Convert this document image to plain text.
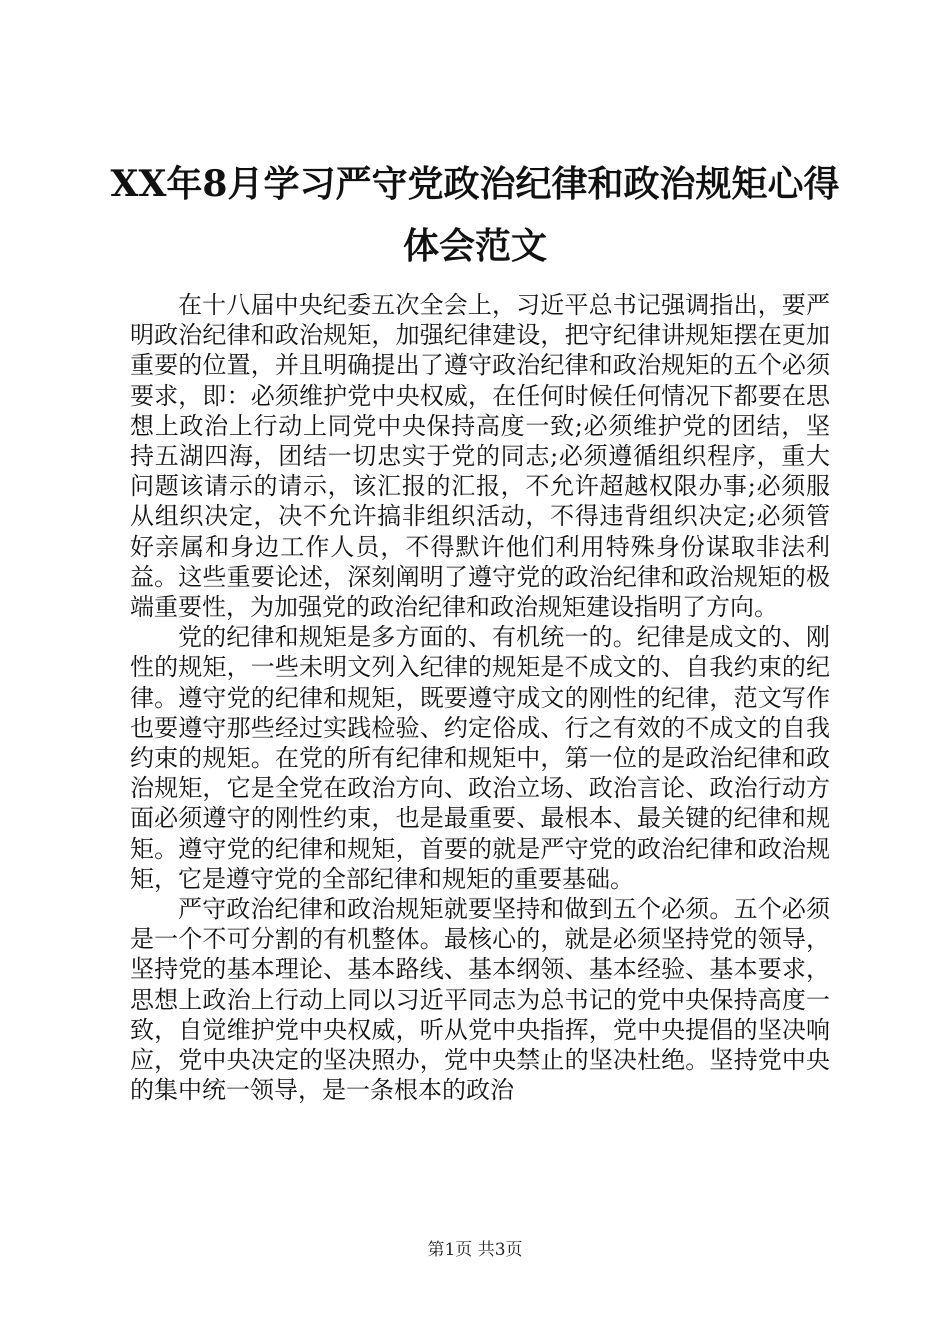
XX年8月学习严守党政治纪律和政治规矩心得
体会范文

在十八届中央纪委五次全会上，习近平总书记强调指出，要严明政治纪律和政治规矩，加强纪律建设，把守纪律讲规矩摆在更加重要的位置，并且明确提出了遵守政治纪律和政治规矩的五个必须要求，即：必须维护党中央权威，在任何时候任何情况下都要在思想上政治上行动上同党中央保持高度一致;必须维护党的团结，坚持五湖四海，团结一切忠实于党的同志;必须遵循组织程序，重大问题该请示的请示，该汇报的汇报，不允许超越权限办事;必须服从组织决定，决不允许搞非组织活动，不得违背组织决定;必须管好亲属和身边工作人员，不得默许他们利用特殊身份谋取非法利益。这些重要论述，深刻阐明了遵守党的政治纪律和政治规矩的极端重要性，为加强党的政治纪律和政治规矩建设指明了方向。

党的纪律和规矩是多方面的、有机统一的。纪律是成文的、刚性的规矩，一些未明文列入纪律的规矩是不成文的、自我约束的纪律。遵守党的纪律和规矩，既要遵守成文的刚性的纪律，范文写作也要遵守那些经过实践检验、约定俗成、行之有效的不成文的自我约束的规矩。在党的所有纪律和规矩中，第一位的是政治纪律和政治规矩，它是全党在政治方向、政治立场、政治言论、政治行动方面必须遵守的刚性约束，也是最重要、最根本、最关键的纪律和规矩。遵守党的纪律和规矩，首要的就是严守党的政治纪律和政治规矩，它是遵守党的全部纪律和规矩的重要基础。

严守政治纪律和政治规矩就要坚持和做到五个必须。五个必须是一个不可分割的有机整体。最核心的，就是必须坚持党的领导，坚持党的基本理论、基本路线、基本纲领、基本经验、基本要求，思想上政治上行动上同以习近平同志为总书记的党中央保持高度一致，自觉维护党中央权威，听从党中央指挥，党中央提倡的坚决响应，党中央决定的坚决照办，党中央禁止的坚决杜绝。坚持党中央的集中统一领导，是一条根本的政治

第1页 共3页
